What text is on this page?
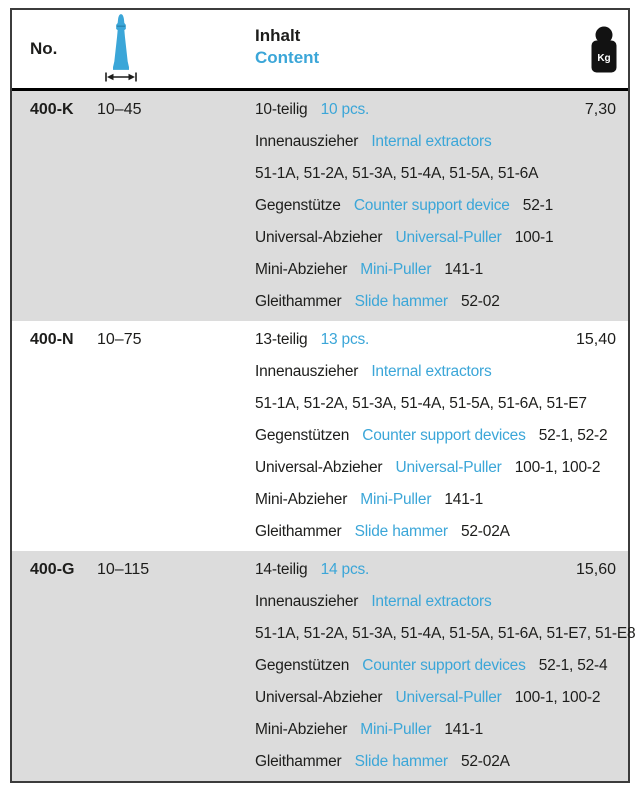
No.
Inhalt
Content	Kg
400-K 10–45	7,30
10-teilig 10 pcs.
Innenauszieher Internal extractors
51-1A, 51-2A, 51-3A, 51-4A, 51-5A, 51-6A
Gegenstütze Counter support device 52-1
Universal-Abzieher Universal-Puller 100-1
Mini-Abzieher Mini-Puller 141-1
Gleithammer Slide hammer 52-02
400-N 10–75	15,40
13-teilig 13 pcs.
Innenauszieher Internal extractors
51-1A, 51-2A, 51-3A, 51-4A, 51-5A, 51-6A, 51-E7
Gegenstützen Counter support devices 52-1, 52-2
Universal-Abzieher Universal-Puller 100-1, 100-2
Mini-Abzieher Mini-Puller 141-1
Gleithammer Slide hammer 52-02A
400-G 10–115	15,60
14-teilig 14 pcs.
Innenauszieher Internal extractors
51-1A, 51-2A, 51-3A, 51-4A, 51-5A, 51-6A, 51-E7, 51-E8
Gegenstützen Counter support devices 52-1, 52-4
Universal-Abzieher Universal-Puller 100-1, 100-2
Mini-Abzieher Mini-Puller 141-1
Gleithammer Slide hammer 52-02A
